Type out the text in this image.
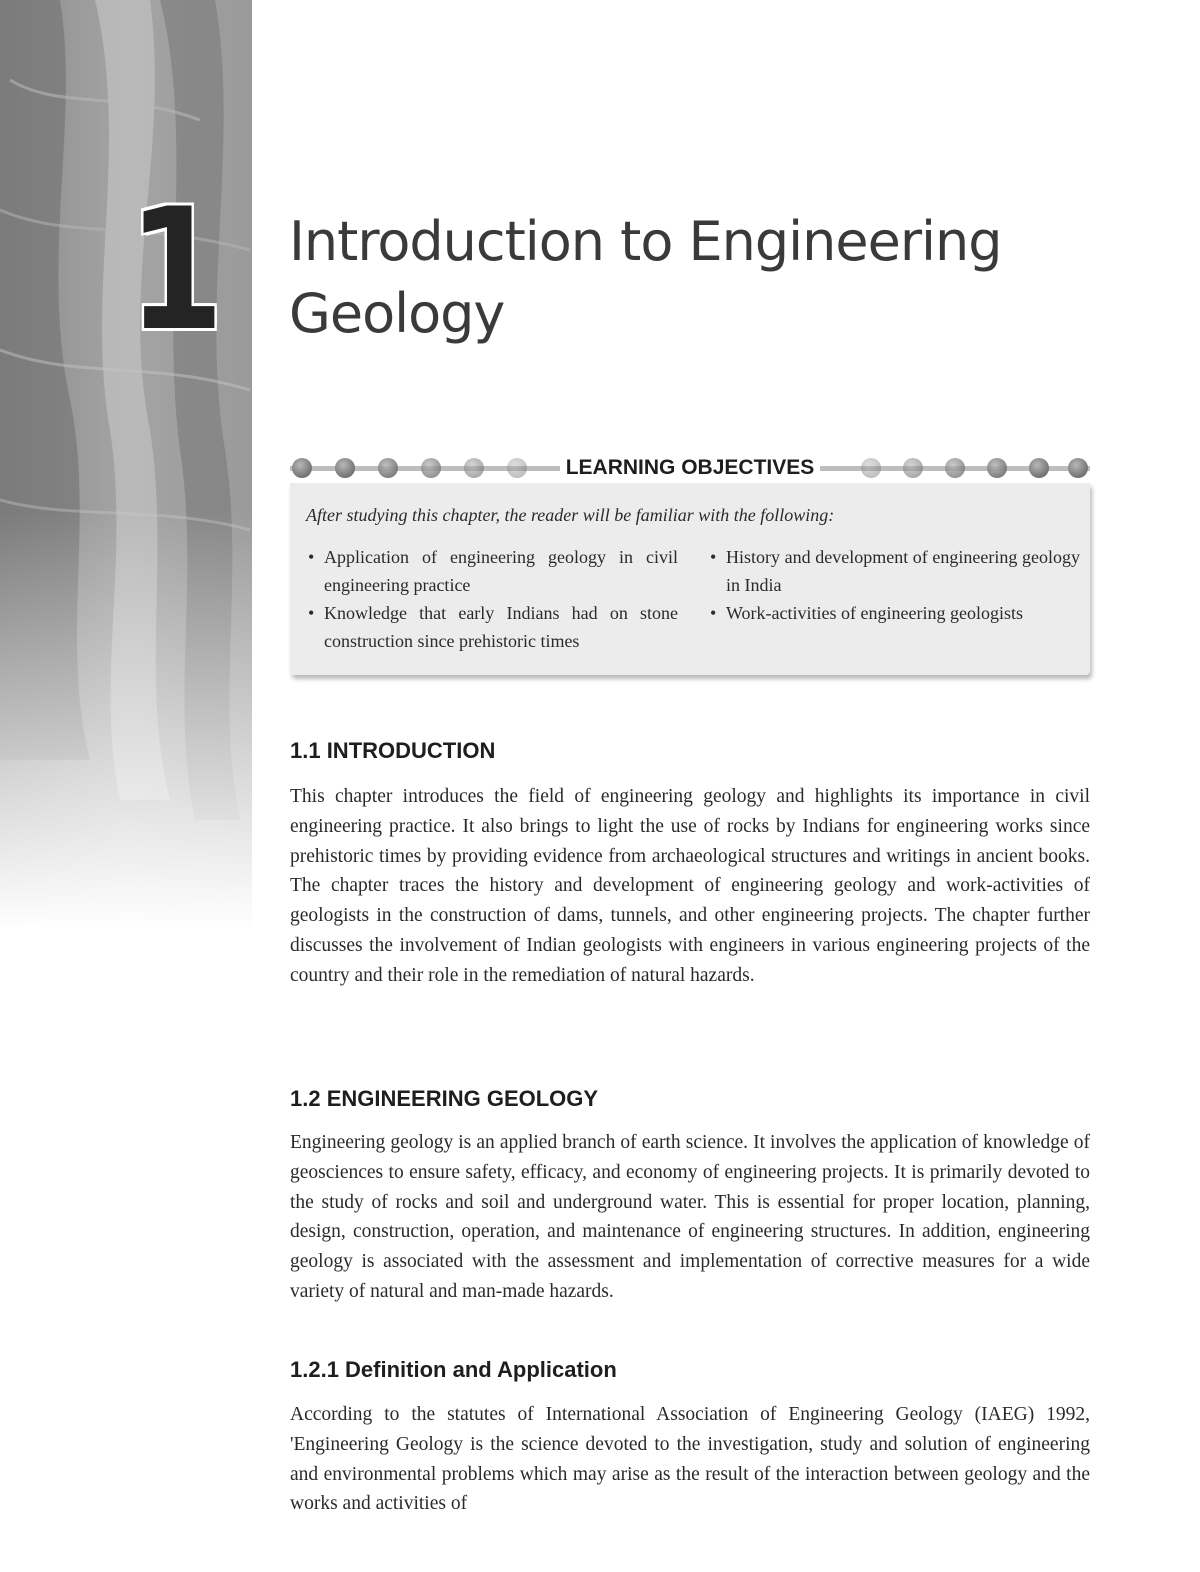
1 Introduction to Engineering
Geology
LEARNING OBJECTIVES
After studying this chapter, the reader will be familiar with the following:
• Application of engineering geology in civil engineering practice
• Knowledge that early Indians had on stone construction since prehistoric times
• History and development of engineering geology in India
• Work-activities of engineering geologists
1.1 INTRODUCTION

This chapter introduces the field of engineering geology and highlights its importance in civil engineering practice. It also brings to light the use of rocks by Indians for engineering works since prehistoric times by providing evidence from archaeological structures and writings in ancient books. The chapter traces the history and development of engineering geology and work-activities of geologists in the construction of dams, tunnels, and other engineering projects. The chapter further discusses the involvement of Indian geologists with engineers in various engineering projects of the country and their role in the remediation of natural hazards.

1.2 ENGINEERING GEOLOGY

Engineering geology is an applied branch of earth science. It involves the application of knowledge of geosciences to ensure safety, efficacy, and economy of engineering projects. It is primarily devoted to the study of rocks and soil and underground water. This is essential for proper location, planning, design, construction, operation, and maintenance of engineering structures. In addition, engineering geology is associated with the assessment and implementation of corrective measures for a wide variety of natural and man-made hazards.

1.2.1 Definition and Application

According to the statutes of International Association of Engineering Geology (IAEG) 1992, 'Engineering Geology is the science devoted to the investigation, study and solution of engineering and environmental problems which may arise as the result of the interaction between geology and the works and activities of
